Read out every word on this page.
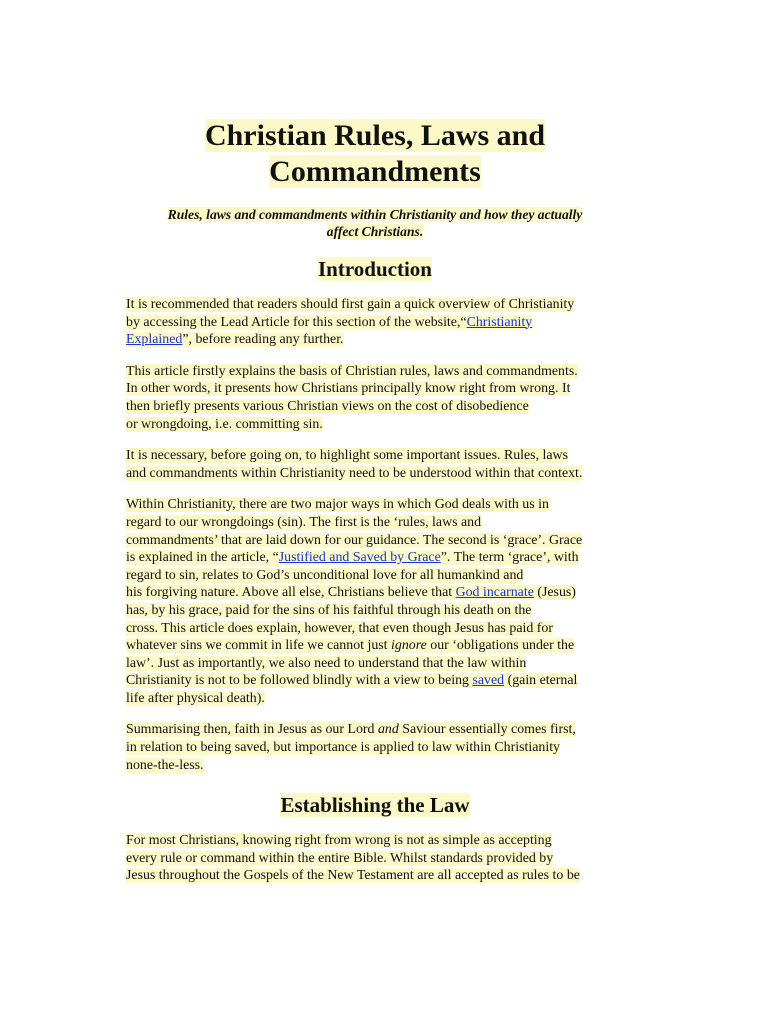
Christian Rules, Laws and
Commandments
Rules, laws and commandments within Christianity and how they actually
affect Christians.
Introduction

It is recommended that readers should first gain a quick overview of Christianity
by accessing the Lead Article for this section of the website,“Christianity
Explained”, before reading any further.

This article firstly explains the basis of Christian rules, laws and commandments.
In other words, it presents how Christians principally know right from wrong. It
then briefly presents various Christian views on the cost of disobedience
or wrongdoing, i.e. committing sin.

It is necessary, before going on, to highlight some important issues. Rules, laws
and commandments within Christianity need to be understood within that context.

Within Christianity, there are two major ways in which God deals with us in
regard to our wrongdoings (sin). The first is the ‘rules, laws and
commandments’ that are laid down for our guidance. The second is ‘grace’. Grace
is explained in the article, “Justified and Saved by Grace”. The term ‘grace’, with
regard to sin, relates to God’s unconditional love for all humankind and
his forgiving nature. Above all else, Christians believe that God incarnate (Jesus)
has, by his grace, paid for the sins of his faithful through his death on the
cross. This article does explain, however, that even though Jesus has paid for
whatever sins we commit in life we cannot just ignore our ‘obligations under the
law’. Just as importantly, we also need to understand that the law within
Christianity is not to be followed blindly with a view to being saved (gain eternal
life after physical death).

Summarising then, faith in Jesus as our Lord and Saviour essentially comes first,
in relation to being saved, but importance is applied to law within Christianity
none-the-less.

Establishing the Law

For most Christians, knowing right from wrong is not as simple as accepting
every rule or command within the entire Bible. Whilst standards provided by
Jesus throughout the Gospels of the New Testament are all accepted as rules to be
